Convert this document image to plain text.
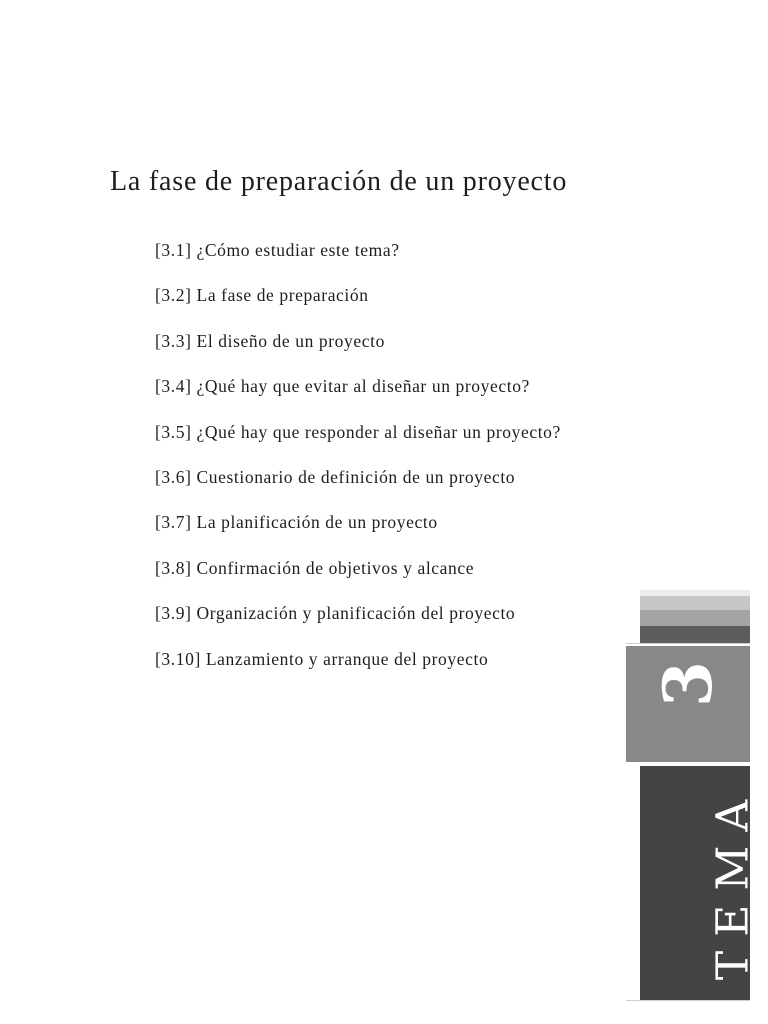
La fase de preparación de un proyecto
[3.1] ¿Cómo estudiar este tema?
[3.2] La fase de preparación
[3.3] El diseño de un proyecto
[3.4] ¿Qué hay que evitar al diseñar un proyecto?
[3.5] ¿Qué hay que responder al diseñar un proyecto?
[3.6] Cuestionario de definición de un proyecto
[3.7] La planificación de un proyecto
[3.8] Confirmación de objetivos y alcance
[3.9] Organización y planificación del proyecto
[3.10] Lanzamiento y arranque del proyecto
3
TEMA
